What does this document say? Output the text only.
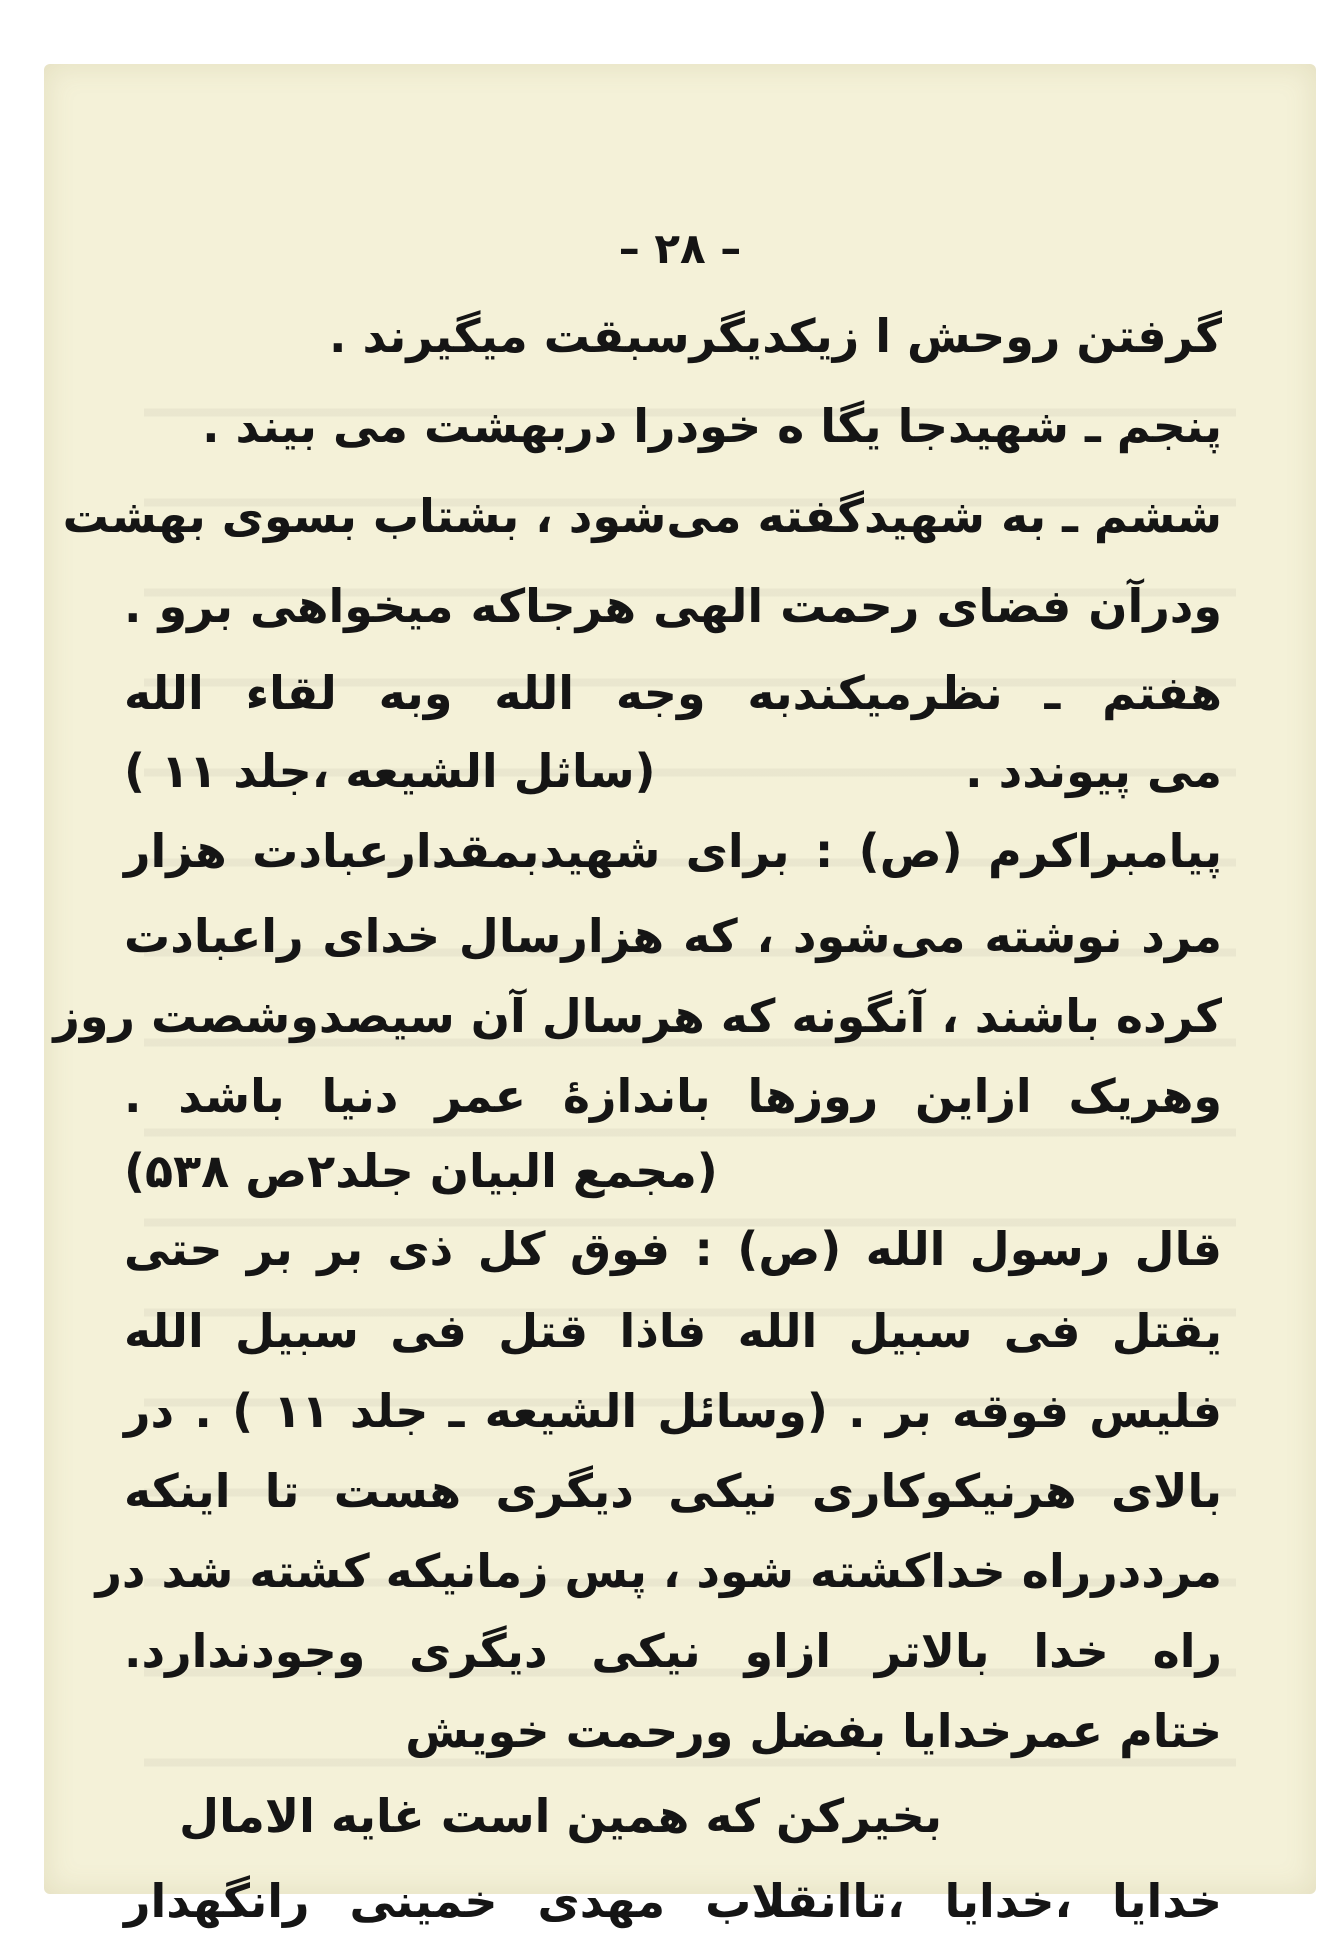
– ۲۸ –
گرفتن روحش ا زیکدیگرسبقت میگیرند .
پنجم ـ شهیدجا یگا ه خودرا دربهشت می بیند .
ششم ـ به شهیدگفته می‌شود ، بشتاب بسوی بهشت
ودرآن فضای رحمت الهی هرجاکه میخواهی برو .
هفتم ـ نظرمیکندبه وجه الله وبه لقاء الله
می پیوندد .
(ساثل الشیعه ،جلد ۱۱ )
پیامبراکرم (ص) : برای شهیدبمقدارعبادت هزار
مرد نوشته می‌شود ، که هزارسال خدای راعبادت
کرده باشند ، آنگونه که هرسال آن سیصدوشصت روز
وهریک ازاین روزها باندازهٔ عمر دنیا باشد .
(مجمع البیان جلد۲ص ۵۳۸)
قال رسول الله (ص) : فوق کل ذی بر بر حتی
یقتل فی سبیل الله فاذا قتل فی سبیل الله
فلیس فوقه بر . (وسائل الشیعه ـ جلد ۱۱ ) . در
بالای هرنیکوکاری نیکی دیگری هست تا اینکه
مرددرراه خداکشته شود ، پس زمانیکه کشته شد در
راه خدا بالاتر ازاو نیکی دیگری وجودندارد.
ختام عمرخدایا بفضل ورحمت خویش
بخیرکن که همین است غایه الامال
خدایا ،خدایا ،تاانقلاب مهدی خمینی رانگهدار
